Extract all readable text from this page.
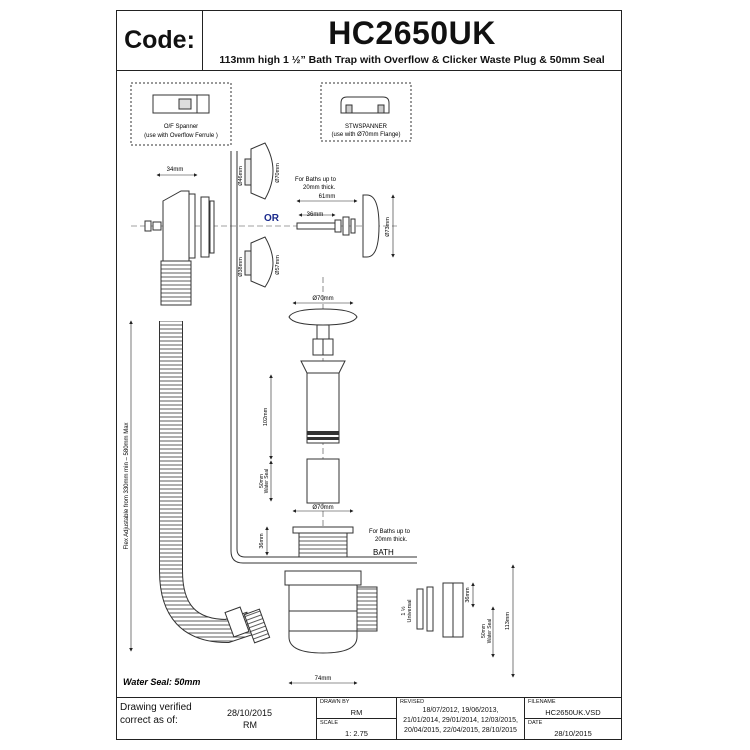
Code:	HC2650UK
113mm high 1 ½” Bath Trap with Overflow & Clicker Waste Plug & 50mm Seal
O/F Spanner
(use with Overflow Ferrule )
STWSPANNER
(use with Ø70mm Flange)
BATH
34mm	Ø46mm	Ø70mm
OR
Ø38mm	Ø57mm
For Baths up to
20mm thick.
61mm
36mm
Ø73mm
Ø70mm
102mm
50mm Water Seal
Ø70mm
36mm
For Baths up to
20mm thick.
Flex Adjustable from 330mm min – 580mm Max
1 ½ Universal
36mm
50mm Water Seal 113mm
74mm
Water Seal: 50mm
Drawing verified
correct as of:
28/10/2015
RM
DRAWN BY
RM
SCALE
1: 2.75
REVISED
18/07/2012, 19/06/2013,
21/01/2014, 29/01/2014, 12/03/2015,
20/04/2015, 22/04/2015, 28/10/2015
FILENAME
HC2650UK.VSD
DATE
28/10/2015
